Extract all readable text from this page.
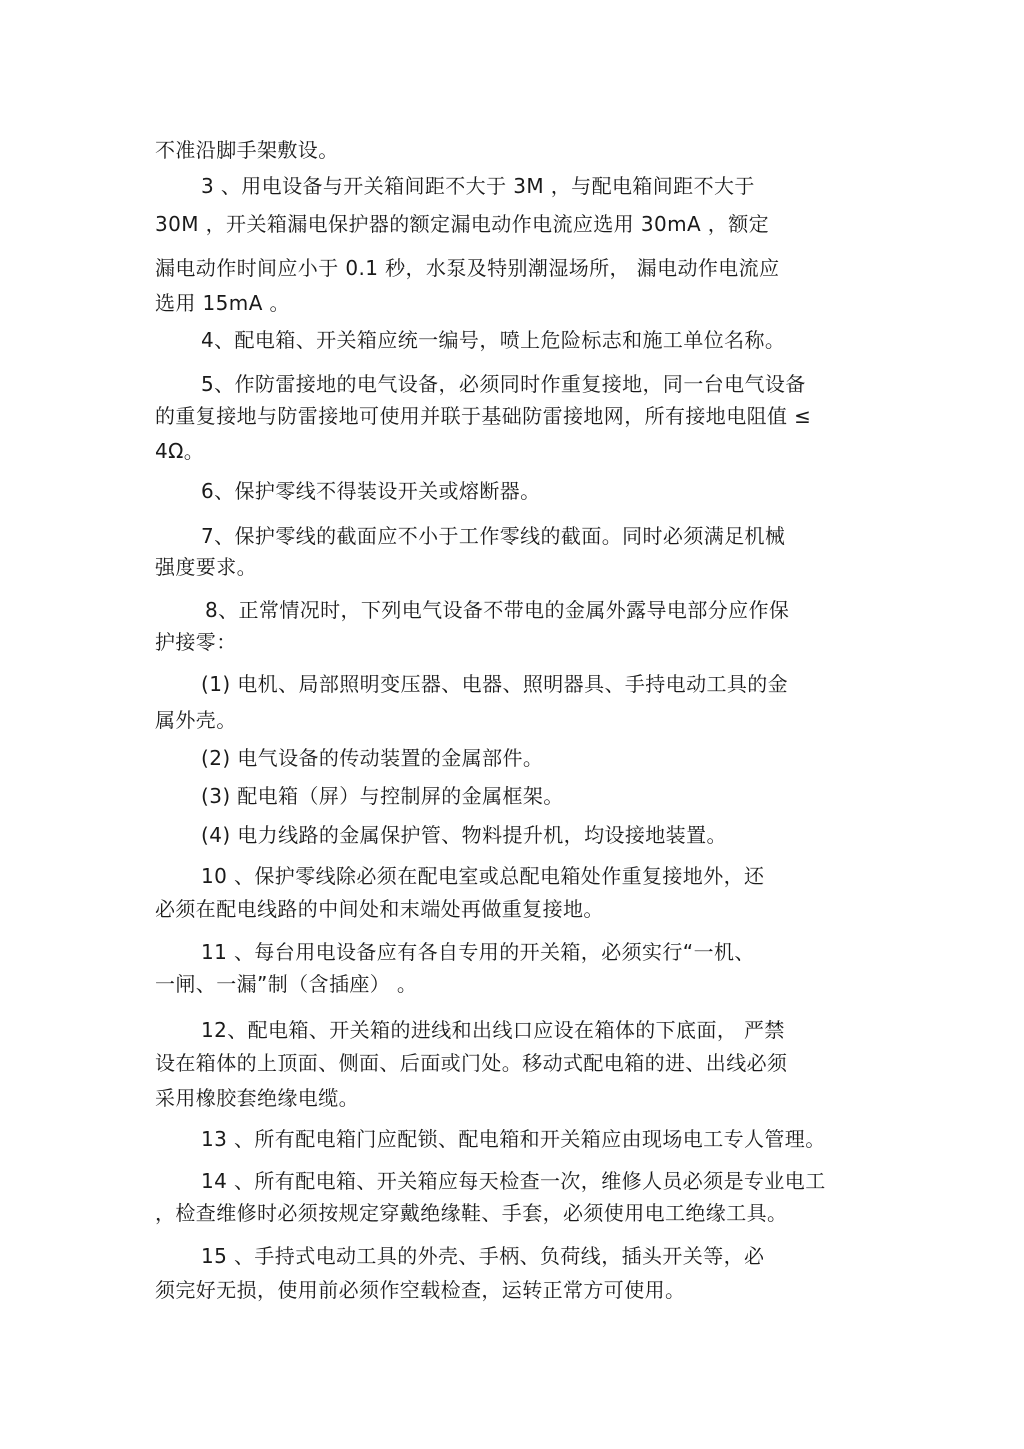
不准沿脚手架敷设。
3 、用电设备与开关箱间距不大于 3M ，与配电箱间距不大于
30M ，开关箱漏电保护器的额定漏电动作电流应选用 30mA ，额定
漏电动作时间应小于 0.1 秒，水泵及特别潮湿场所， 漏电动作电流应
选用 15mA 。
4、配电箱、开关箱应统一编号，喷上危险标志和施工单位名称。
5、作防雷接地的电气设备，必须同时作重复接地，同一台电气设备
的重复接地与防雷接地可使用并联于基础防雷接地网，所有接地电阻值 ≤
4Ω。
6、保护零线不得装设开关或熔断器。
7、保护零线的截面应不小于工作零线的截面。同时必须满足机械
强度要求。
8、正常情况时，下列电气设备不带电的金属外露导电部分应作保
护接零：
(1) 电机、局部照明变压器、电器、照明器具、手持电动工具的金
属外壳。
(2) 电气设备的传动装置的金属部件。
(3) 配电箱（屏）与控制屏的金属框架。
(4) 电力线路的金属保护管、物料提升机，均设接地装置。
10 、保护零线除必须在配电室或总配电箱处作重复接地外，还
必须在配电线路的中间处和末端处再做重复接地。
11 、每台用电设备应有各自专用的开关箱，必须实行“一机、
一闸、一漏”制（含插座） 。
12、配电箱、开关箱的进线和出线口应设在箱体的下底面， 严禁
设在箱体的上顶面、侧面、后面或门处。移动式配电箱的进、出线必须
采用橡胶套绝缘电缆。
13 、所有配电箱门应配锁、配电箱和开关箱应由现场电工专人管理。
14 、所有配电箱、开关箱应每天检查一次，维修人员必须是专业电工
，检查维修时必须按规定穿戴绝缘鞋、手套，必须使用电工绝缘工具。
15 、手持式电动工具的外壳、手柄、负荷线，插头开关等，必
须完好无损，使用前必须作空载检查，运转正常方可使用。
